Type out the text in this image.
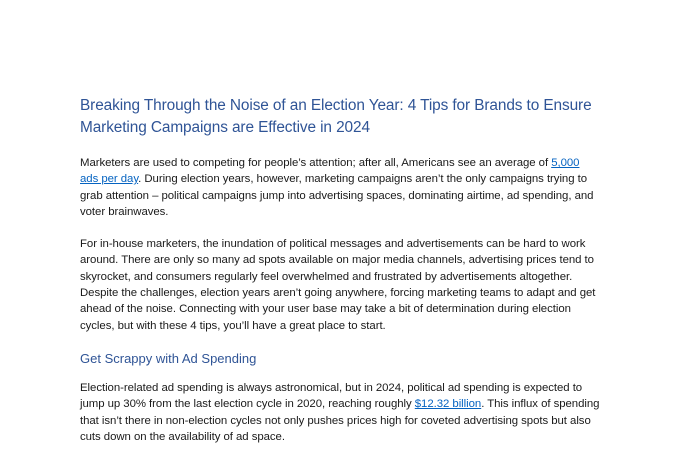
Breaking Through the Noise of an Election Year: 4 Tips for Brands to Ensure Marketing Campaigns are Effective in 2024

Marketers are used to competing for people’s attention; after all, Americans see an average of 5,000 ads per day. During election years, however, marketing campaigns aren’t the only campaigns trying to grab attention – political campaigns jump into advertising spaces, dominating airtime, ad spending, and voter brainwaves.

For in-house marketers, the inundation of political messages and advertisements can be hard to work around. There are only so many ad spots available on major media channels, advertising prices tend to skyrocket, and consumers regularly feel overwhelmed and frustrated by advertisements altogether. Despite the challenges, election years aren’t going anywhere, forcing marketing teams to adapt and get ahead of the noise. Connecting with your user base may take a bit of determination during election cycles, but with these 4 tips, you’ll have a great place to start.

Get Scrappy with Ad Spending

Election-related ad spending is always astronomical, but in 2024, political ad spending is expected to jump up 30% from the last election cycle in 2020, reaching roughly $12.32 billion. This influx of spending that isn’t there in non-election cycles not only pushes prices high for coveted advertising spots but also cuts down on the availability of ad space.
